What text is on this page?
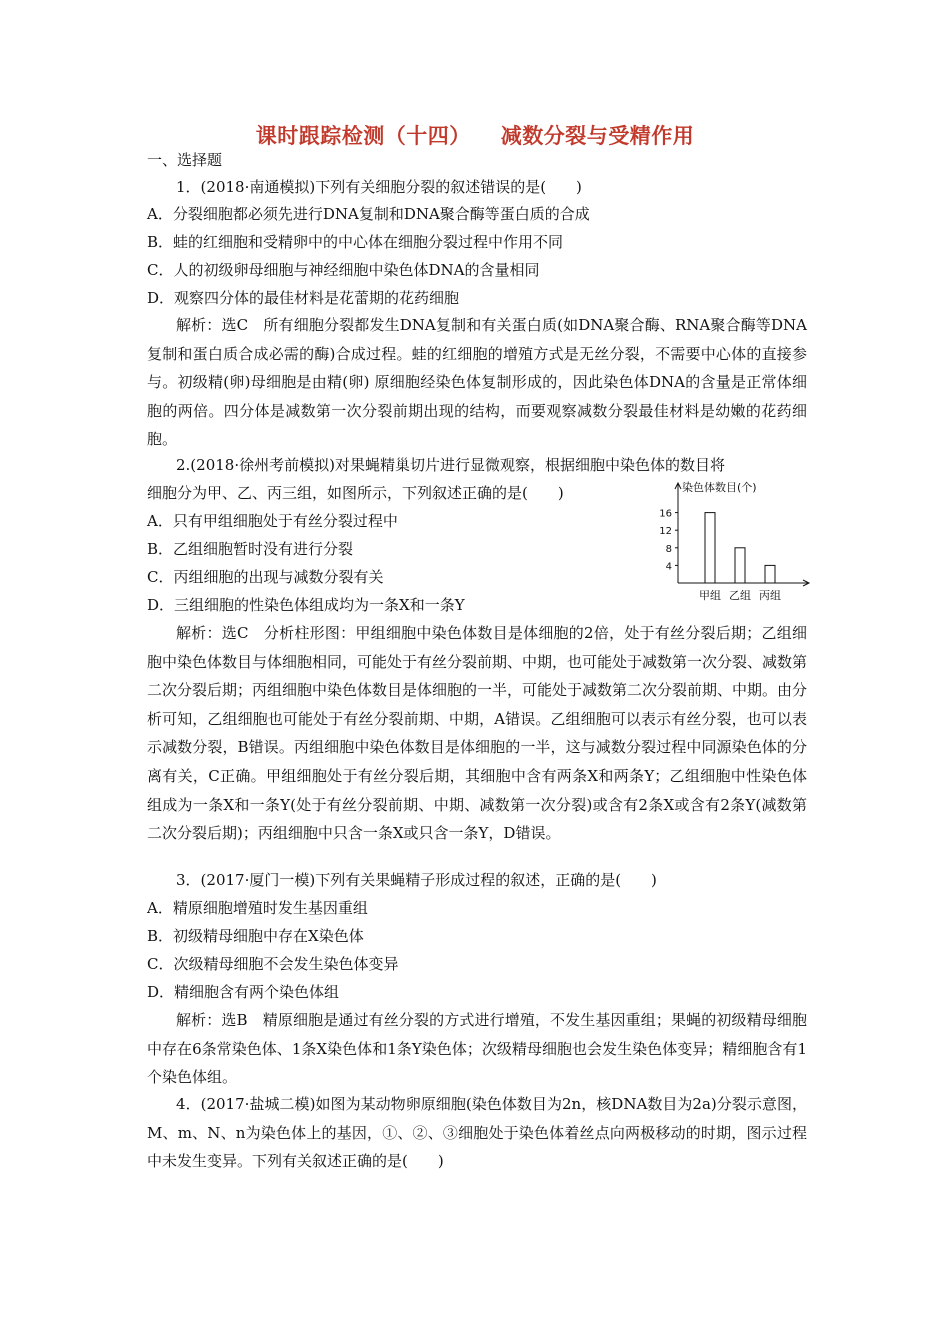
课时跟踪检测（十四） 减数分裂与受精作用
一、选择题
1．(2018·南通模拟)下列有关细胞分裂的叙述错误的是(　　)
A．分裂细胞都必须先进行DNA复制和DNA聚合酶等蛋白质的合成
B．蛙的红细胞和受精卵中的中心体在细胞分裂过程中作用不同
C．人的初级卵母细胞与神经细胞中染色体DNA的含量相同
D．观察四分体的最佳材料是花蕾期的花药细胞
解析：选C　所有细胞分裂都发生DNA复制和有关蛋白质(如DNA聚合酶、RNA聚合酶等DNA复制和蛋白质合成必需的酶)合成过程。蛙的红细胞的增殖方式是无丝分裂，不需要中心体的直接参与。初级精(卵)母细胞是由精(卵) 原细胞经染色体复制形成的，因此染色体DNA的含量是正常体细胞的两倍。四分体是减数第一次分裂前期出现的结构，而要观察减数分裂最佳材料是幼嫩的花药细胞。
2.(2018·徐州考前模拟)对果蝇精巢切片进行显微观察，根据细胞中染色体的数目将
细胞分为甲、乙、丙三组，如图所示，下列叙述正确的是(　　)
A．只有甲组细胞处于有丝分裂过程中
B．乙组细胞暂时没有进行分裂
C．丙组细胞的出现与减数分裂有关
D．三组细胞的性染色体组成均为一条X和一条Y
染色体数目(个)
4
8
12
16
甲组 乙组 丙组
解析：选C　分析柱形图：甲组细胞中染色体数目是体细胞的2倍，处于有丝分裂后期；乙组细胞中染色体数目与体细胞相同，可能处于有丝分裂前期、中期，也可能处于减数第一次分裂、减数第二次分裂后期；丙组细胞中染色体数目是体细胞的一半，可能处于减数第二次分裂前期、中期。由分析可知，乙组细胞也可能处于有丝分裂前期、中期，A错误。乙组细胞可以表示有丝分裂，也可以表示减数分裂，B错误。丙组细胞中染色体数目是体细胞的一半，这与减数分裂过程中同源染色体的分离有关，C正确。甲组细胞处于有丝分裂后期，其细胞中含有两条X和两条Y；乙组细胞中性染色体组成为一条X和一条Y(处于有丝分裂前期、中期、减数第一次分裂)或含有2条X或含有2条Y(减数第二次分裂后期)；丙组细胞中只含一条X或只含一条Y，D错误。
3．(2017·厦门一模)下列有关果蝇精子形成过程的叙述，正确的是(　　)
A．精原细胞增殖时发生基因重组
B．初级精母细胞中存在X染色体
C．次级精母细胞不会发生染色体变异
D．精细胞含有两个染色体组
解析：选B　精原细胞是通过有丝分裂的方式进行增殖，不发生基因重组；果蝇的初级精母细胞中存在6条常染色体、1条X染色体和1条Y染色体；次级精母细胞也会发生染色体变异；精细胞含有1个染色体组。
4．(2017·盐城二模)如图为某动物卵原细胞(染色体数目为2n，核DNA数目为2a)分裂示意图，M、m、N、n为染色体上的基因，①、②、③细胞处于染色体着丝点向两极移动的时期，图示过程中未发生变异。下列有关叙述正确的是(　　)
